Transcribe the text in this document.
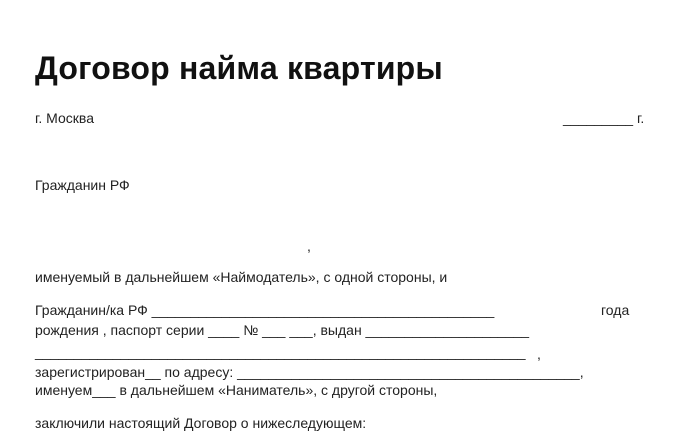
Договор найма квартиры
г. Москва	_________ г.
Гражданин РФ
,
именуемый в дальнейшем «Наймодатель», с одной стороны, и
Гражданин/ка РФ ____________________________________________	года
рождения , паспорт серии ____ № ___ ___, выдан _____________________
_______________________________________________________________ ,
зарегистрирован__ по адресу: ____________________________________________,
именуем___ в дальнейшем «Наниматель», с другой стороны,
заключили настоящий Договор о нижеследующем:
